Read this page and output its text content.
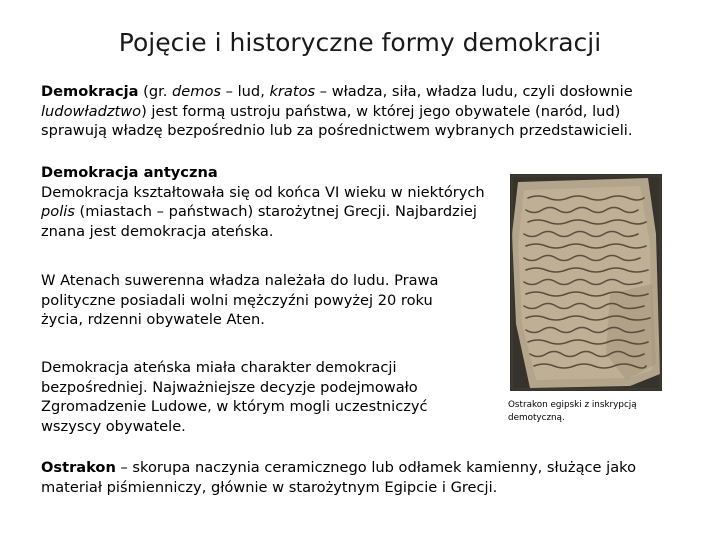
Pojęcie i historyczne formy demokracji
Demokracja (gr. demos – lud, kratos – władza, siła, władza ludu, czyli dosłownie ludowładztwo) jest formą ustroju państwa, w której jego obywatele (naród, lud) sprawują władzę bezpośrednio lub za pośrednictwem wybranych przedstawicieli.
Demokracja antyczna
Demokracja kształtowała się od końca VI wieku w niektórych polis (miastach – państwach) starożytnej Grecji. Najbardziej znana jest demokracja ateńska.
W Atenach suwerenna władza należała do ludu. Prawa polityczne posiadali wolni mężczyźni powyżej 20 roku życia, rdzenni obywatele Aten.
Demokracja ateńska miała charakter demokracji bezpośredniej. Najważniejsze decyzje podejmowało Zgromadzenie Ludowe, w którym mogli uczestniczyć wszyscy obywatele.
Ostrakon egipski z inskrypcją demotyczną.
Ostrakon – skorupa naczynia ceramicznego lub odłamek kamienny, służące jako materiał piśmienniczy, głównie w starożytnym Egipcie i Grecji.
